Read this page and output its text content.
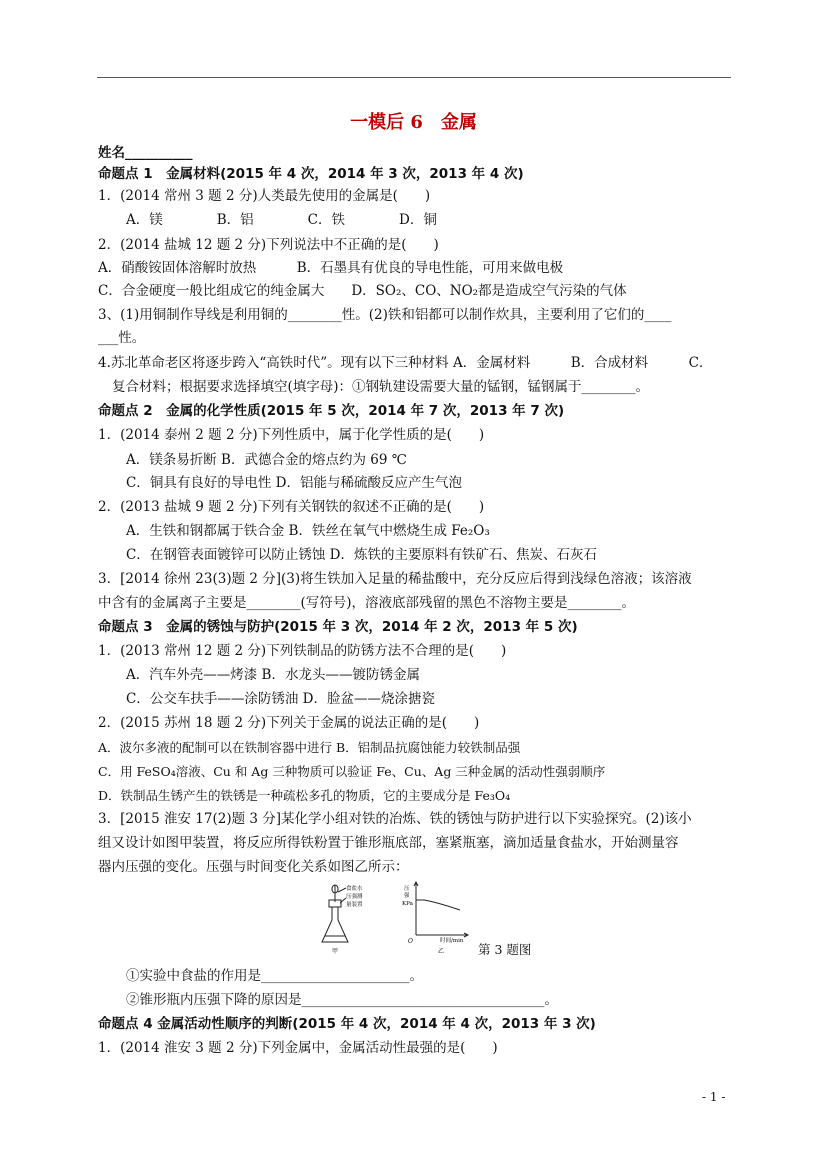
一模后 6　金属
姓名__________
命题点 1　金属材料(2015 年 4 次，2014 年 3 次，2013 年 4 次)
1．(2014 常州 3 题 2 分)人类最先使用的金属是(　　)
A．镁　　　　B．铝　　　　C．铁　　　　D．铜
2．(2014 盐城 12 题 2 分)下列说法中不正确的是(　　)
A．硝酸铵固体溶解时放热　　　B．石墨具有优良的导电性能，可用来做电极
C．合金硬度一般比组成它的纯金属大　　D．SO₂、CO、NO₂都是造成空气污染的气体
3、(1)用铜制作导线是利用铜的________性。(2)铁和铝都可以制作炊具，主要利用了它们的____
___性。
4.苏北革命老区将逐步跨入“高铁时代”。现有以下三种材料 A．金属材料　　　B．合成材料　　　C．
复合材料；根据要求选择填空(填字母)：①钢轨建设需要大量的锰钢，锰钢属于________。
命题点 2　金属的化学性质(2015 年 5 次，2014 年 7 次，2013 年 7 次)
1．(2014 泰州 2 题 2 分)下列性质中，属于化学性质的是(　　)
A．镁条易折断 B．武德合金的熔点约为 69 ℃
C．铜具有良好的导电性 D．铝能与稀硫酸反应产生气泡
2．(2013 盐城 9 题 2 分)下列有关钢铁的叙述不正确的是(　　)
A．生铁和钢都属于铁合金 B．铁丝在氧气中燃烧生成 Fe₂O₃
C．在钢管表面镀锌可以防止锈蚀 D．炼铁的主要原料有铁矿石、焦炭、石灰石
3．[2014 徐州 23(3)题 2 分](3)将生铁加入足量的稀盐酸中，充分反应后得到浅绿色溶液；该溶液
中含有的金属离子主要是________(写符号)，溶液底部残留的黑色不溶物主要是________。
命题点 3　金属的锈蚀与防护(2015 年 3 次，2014 年 2 次，2013 年 5 次)
1．(2013 常州 12 题 2 分)下列铁制品的防锈方法不合理的是(　　)
A．汽车外壳——烤漆 B．水龙头——镀防锈金属
C．公交车扶手——涂防锈油 D．脸盆——烧涂搪瓷
2．(2015 苏州 18 题 2 分)下列关于金属的说法正确的是(　　)
A．波尔多液的配制可以在铁制容器中进行 B．铝制品抗腐蚀能力较铁制品强
C．用 FeSO₄溶液、Cu 和 Ag 三种物质可以验证 Fe、Cu、Ag 三种金属的活动性强弱顺序
D．铁制品生锈产生的铁锈是一种疏松多孔的物质，它的主要成分是 Fe₃O₄
3．[2015 淮安 17(2)题 3 分]某化学小组对铁的冶炼、铁的锈蚀与防护进行以下实验探究。(2)该小
组又设计如图甲装置，将反应所得铁粉置于锥形瓶底部，塞紧瓶塞，滴加适量食盐水，开始测量容
器内压强的变化。压强与时间变化关系如图乙所示：
食盐水
压强测
量装置
甲
压
强
KPa
O	时间/min
乙	第 3 题图
①实验中食盐的作用是______________________。
②锥形瓶内压强下降的原因是____________________________________。
命题点 4 金属活动性顺序的判断(2015 年 4 次，2014 年 4 次，2013 年 3 次)
1．(2014 淮安 3 题 2 分)下列金属中，金属活动性最强的是(　　)
- 1 -
